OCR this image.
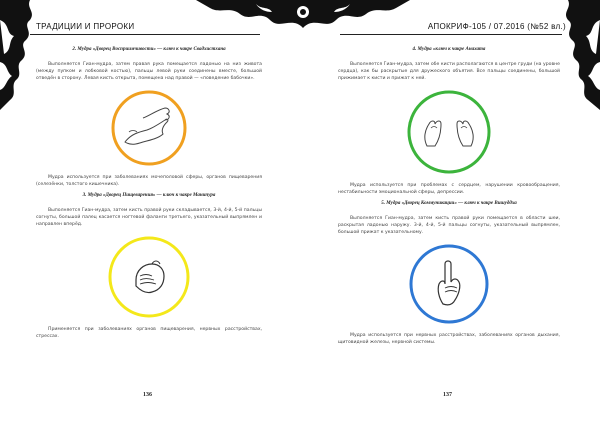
ТРАДИЦИИ И ПРОРОКИ
2. Мудра «Дворец Восприимчивости» — ключ к чакре Свадхистхана
Выполняется Гиан-мудра, затем правая рука помещается ладонью на низ живота (между пупком и лобковой костью), пальцы левой руки соединены вместе, большой отведён в сторону. Левая кисть открыта, помещена над правой — «поведение бабочки».
Мудра используется при заболеваниях мочеполовой сферы, органов пищеварения (селезёнки, толстого кишечника).
3. Мудра «Дворец Пищеварения» — ключ к чакре Манипура
Выполняется Гиан-мудра, затем кисть правой руки складывается, 3-й, 4-й, 5-й пальцы согнуты, большой палец касается ногтевой фаланги третьего, указательный выпрямлен и направлен вперёд.
Применяется при заболеваниях органов пищеварения, нервных расстройствах, стрессах.
136
АПОКРИФ-105 / 07.2016 (№52 вл.)
4. Мудра «ключ к чакре Анахата
Выполняется Гиан-мудра, затем обе кисти располагаются в центре груди (на уровне сердца), как бы раскрытые для дружеского объятия. Все пальцы соединены, большой прижимает к кисти и прижат к ней.
Мудра используется при проблемах с сердцем, нарушении кровообращения, нестабильности эмоциональной сферы, депрессии.
5. Мудра «Дворец Коммуникации» — ключ к чакре Вишуддха
Выполняется Гиан-мудра, затем кисть правой руки помещается в области шеи, раскрытая ладонью наружу. 3-й, 4-й, 5-й пальцы согнуты, указательный выпрямлен, большой прижат к указательному.
Мудра используется при нервных расстройствах, заболеваниях органов дыхания, щитовидной железы, нервной системы.
137
